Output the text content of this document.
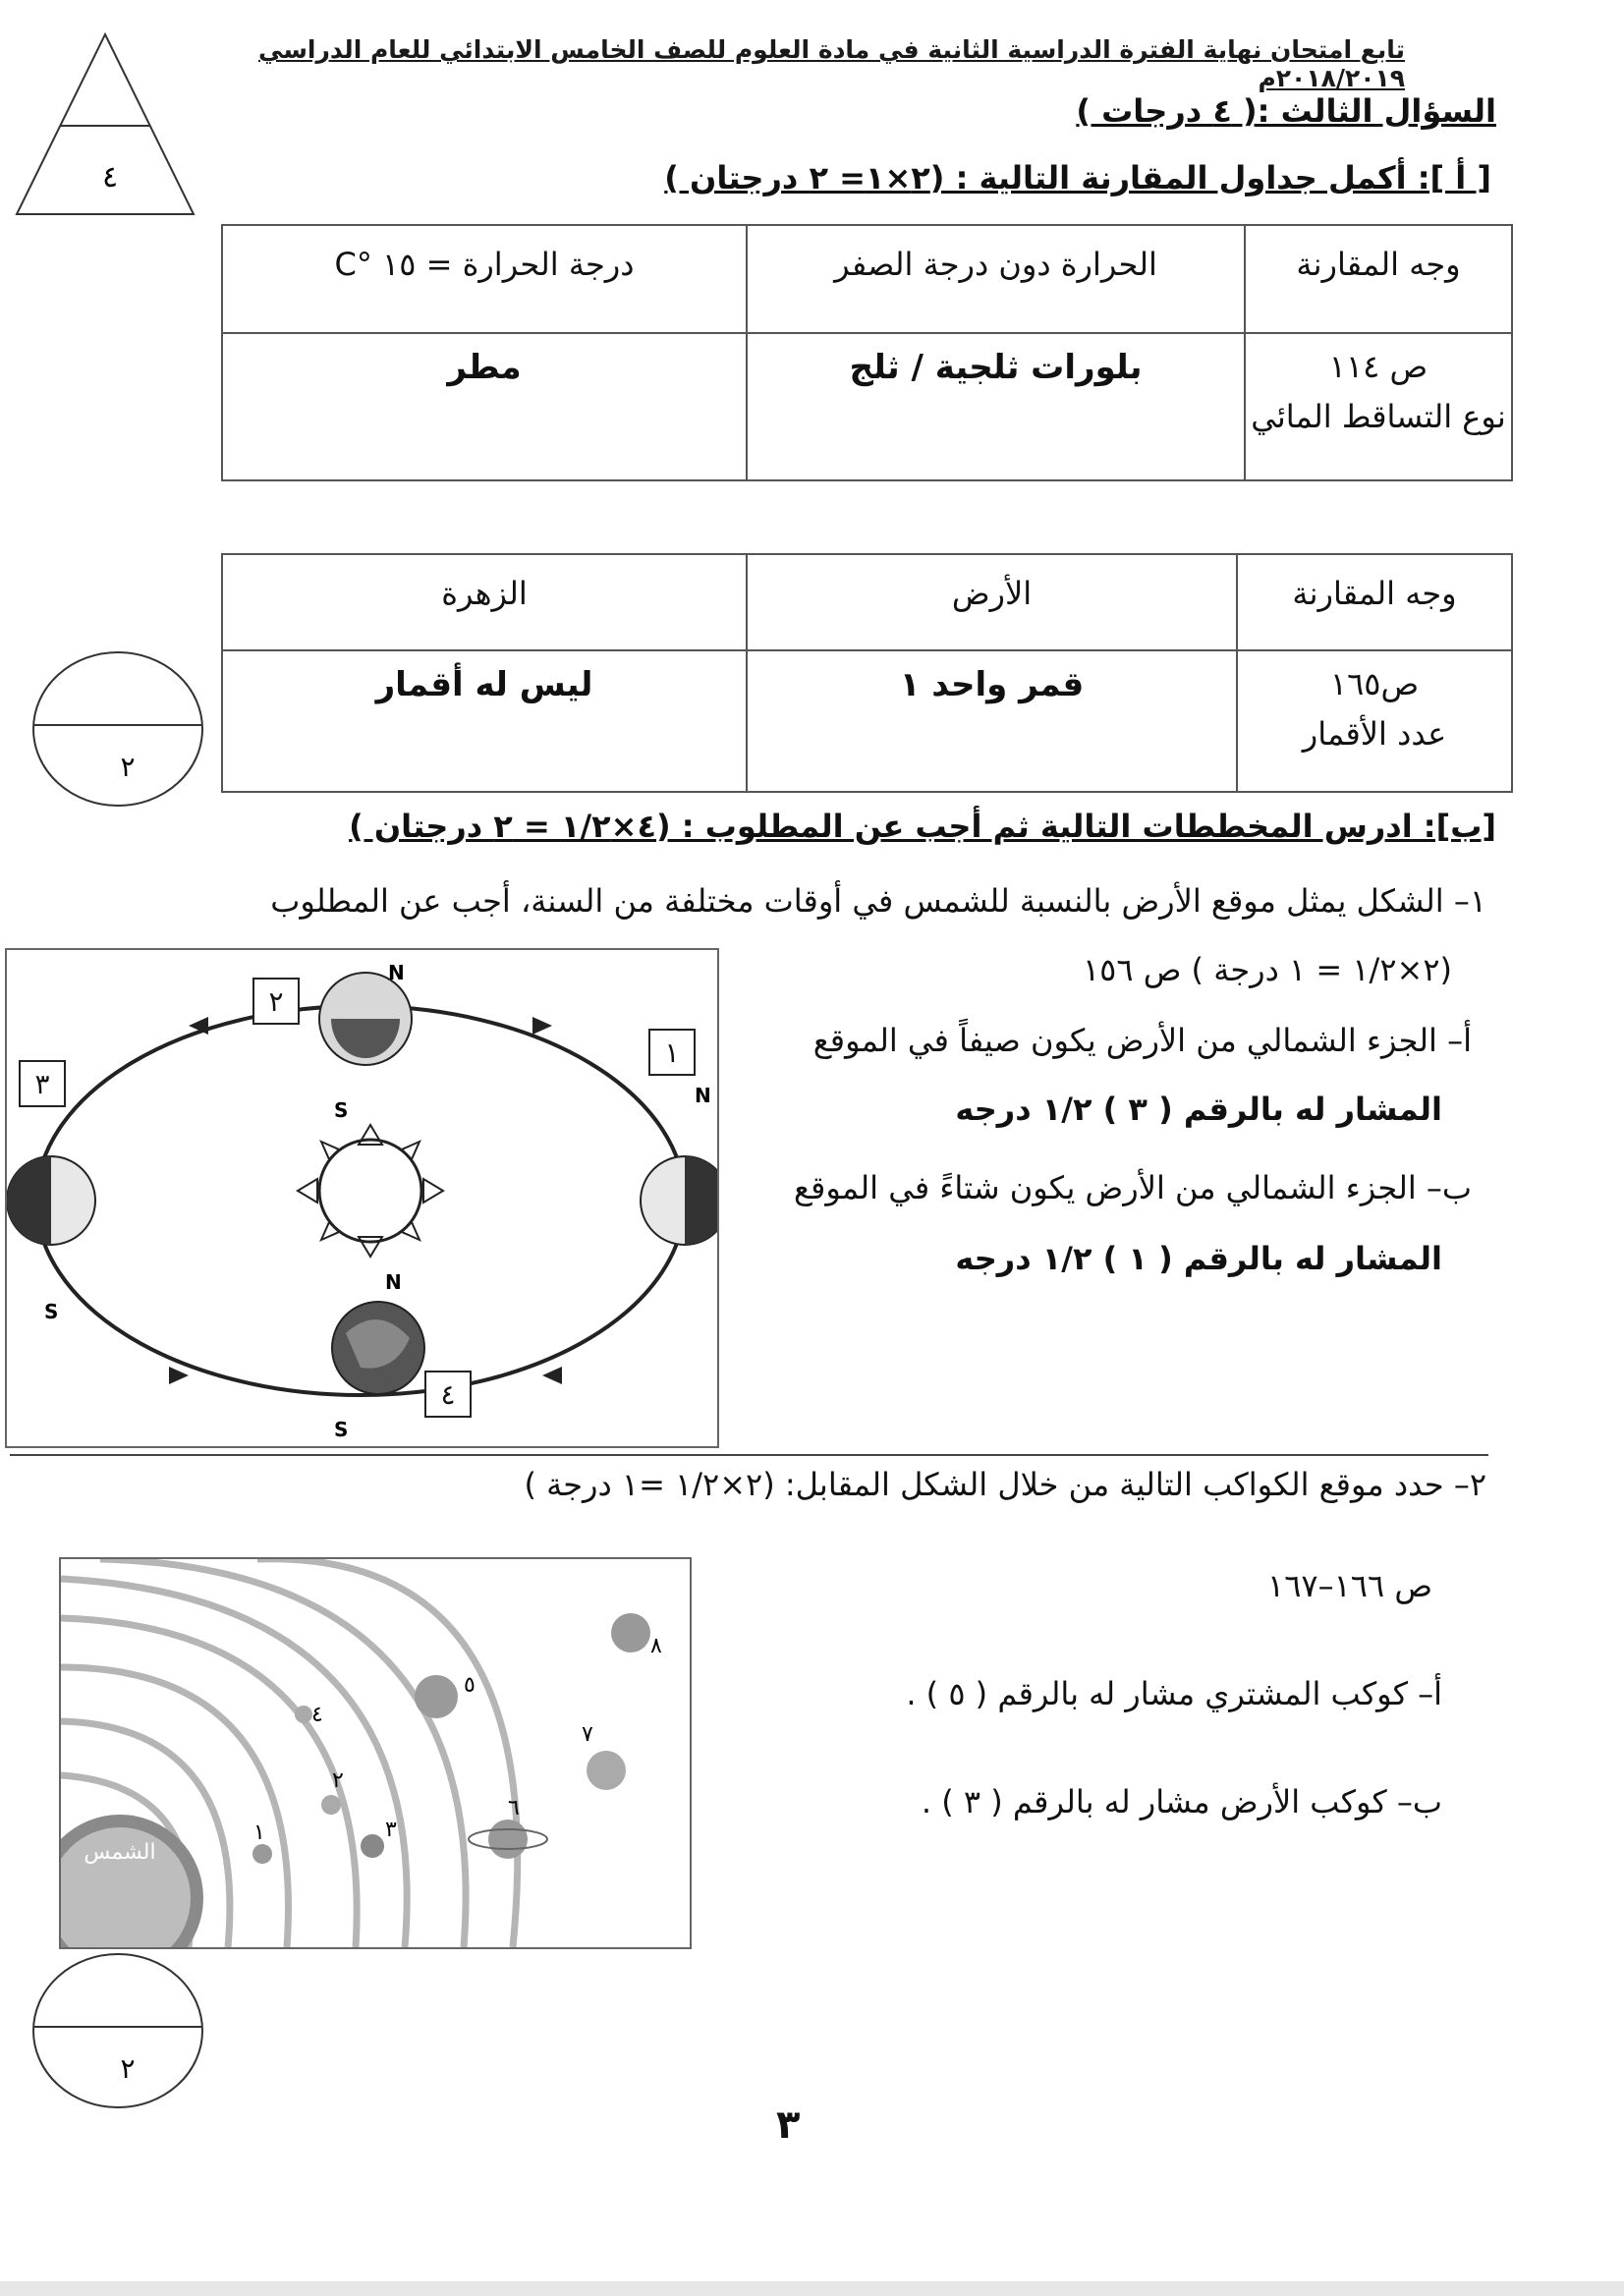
تابع امتحان نهاية الفترة الدراسية الثانية في مادة العلوم للصف الخامس الابتدائي للعام الدراسي ٢٠١٨/٢٠١٩م
٤
السؤال الثالث :( ٤ درجات )
[ أ ]: أكمل جداول المقارنة التالية : (٢×١= ٢ درجتان )
وجه المقارنة	الحرارة دون درجة الصفر	درجة الحرارة = ١٥ °C

ص ١١٤
نوع التساقط المائي	بلورات ثلجية / ثلج	مطر
وجه المقارنة	الأرض	الزهرة

ص١٦٥
عدد الأقمار	قمر واحد ١	ليس له أقمار
٢
[ب]: ادرس المخططات التالية ثم أجب عن المطلوب : (٤×١/٢ = ٢ درجتان )
١– الشكل يمثل موقع الأرض بالنسبة للشمس في أوقات مختلفة من السنة، أجب عن المطلوب
(٢×١/٢ = ١ درجة ) ص ١٥٦
أ– الجزء الشمالي من الأرض يكون صيفاً في الموقع
المشار له بالرقم ( ٣ ) ١/٢ درجه
ب– الجزء الشمالي من الأرض يكون شتاءً في الموقع
المشار له بالرقم ( ١ ) ١/٢ درجه
N
N
S
S
N
S
١
٢
٣
٤
٢– حدد موقع الكواكب التالية من خلال الشكل المقابل: (٢×١/٢ =١ درجة )
ص ١٦٦–١٦٧
أ– كوكب المشتري مشار له بالرقم ( ٥ ) .
ب– كوكب الأرض مشار له بالرقم ( ٣ ) .
الشمس
١
٢
٣
٤
٥
٦
٧
٨
٢
٣
